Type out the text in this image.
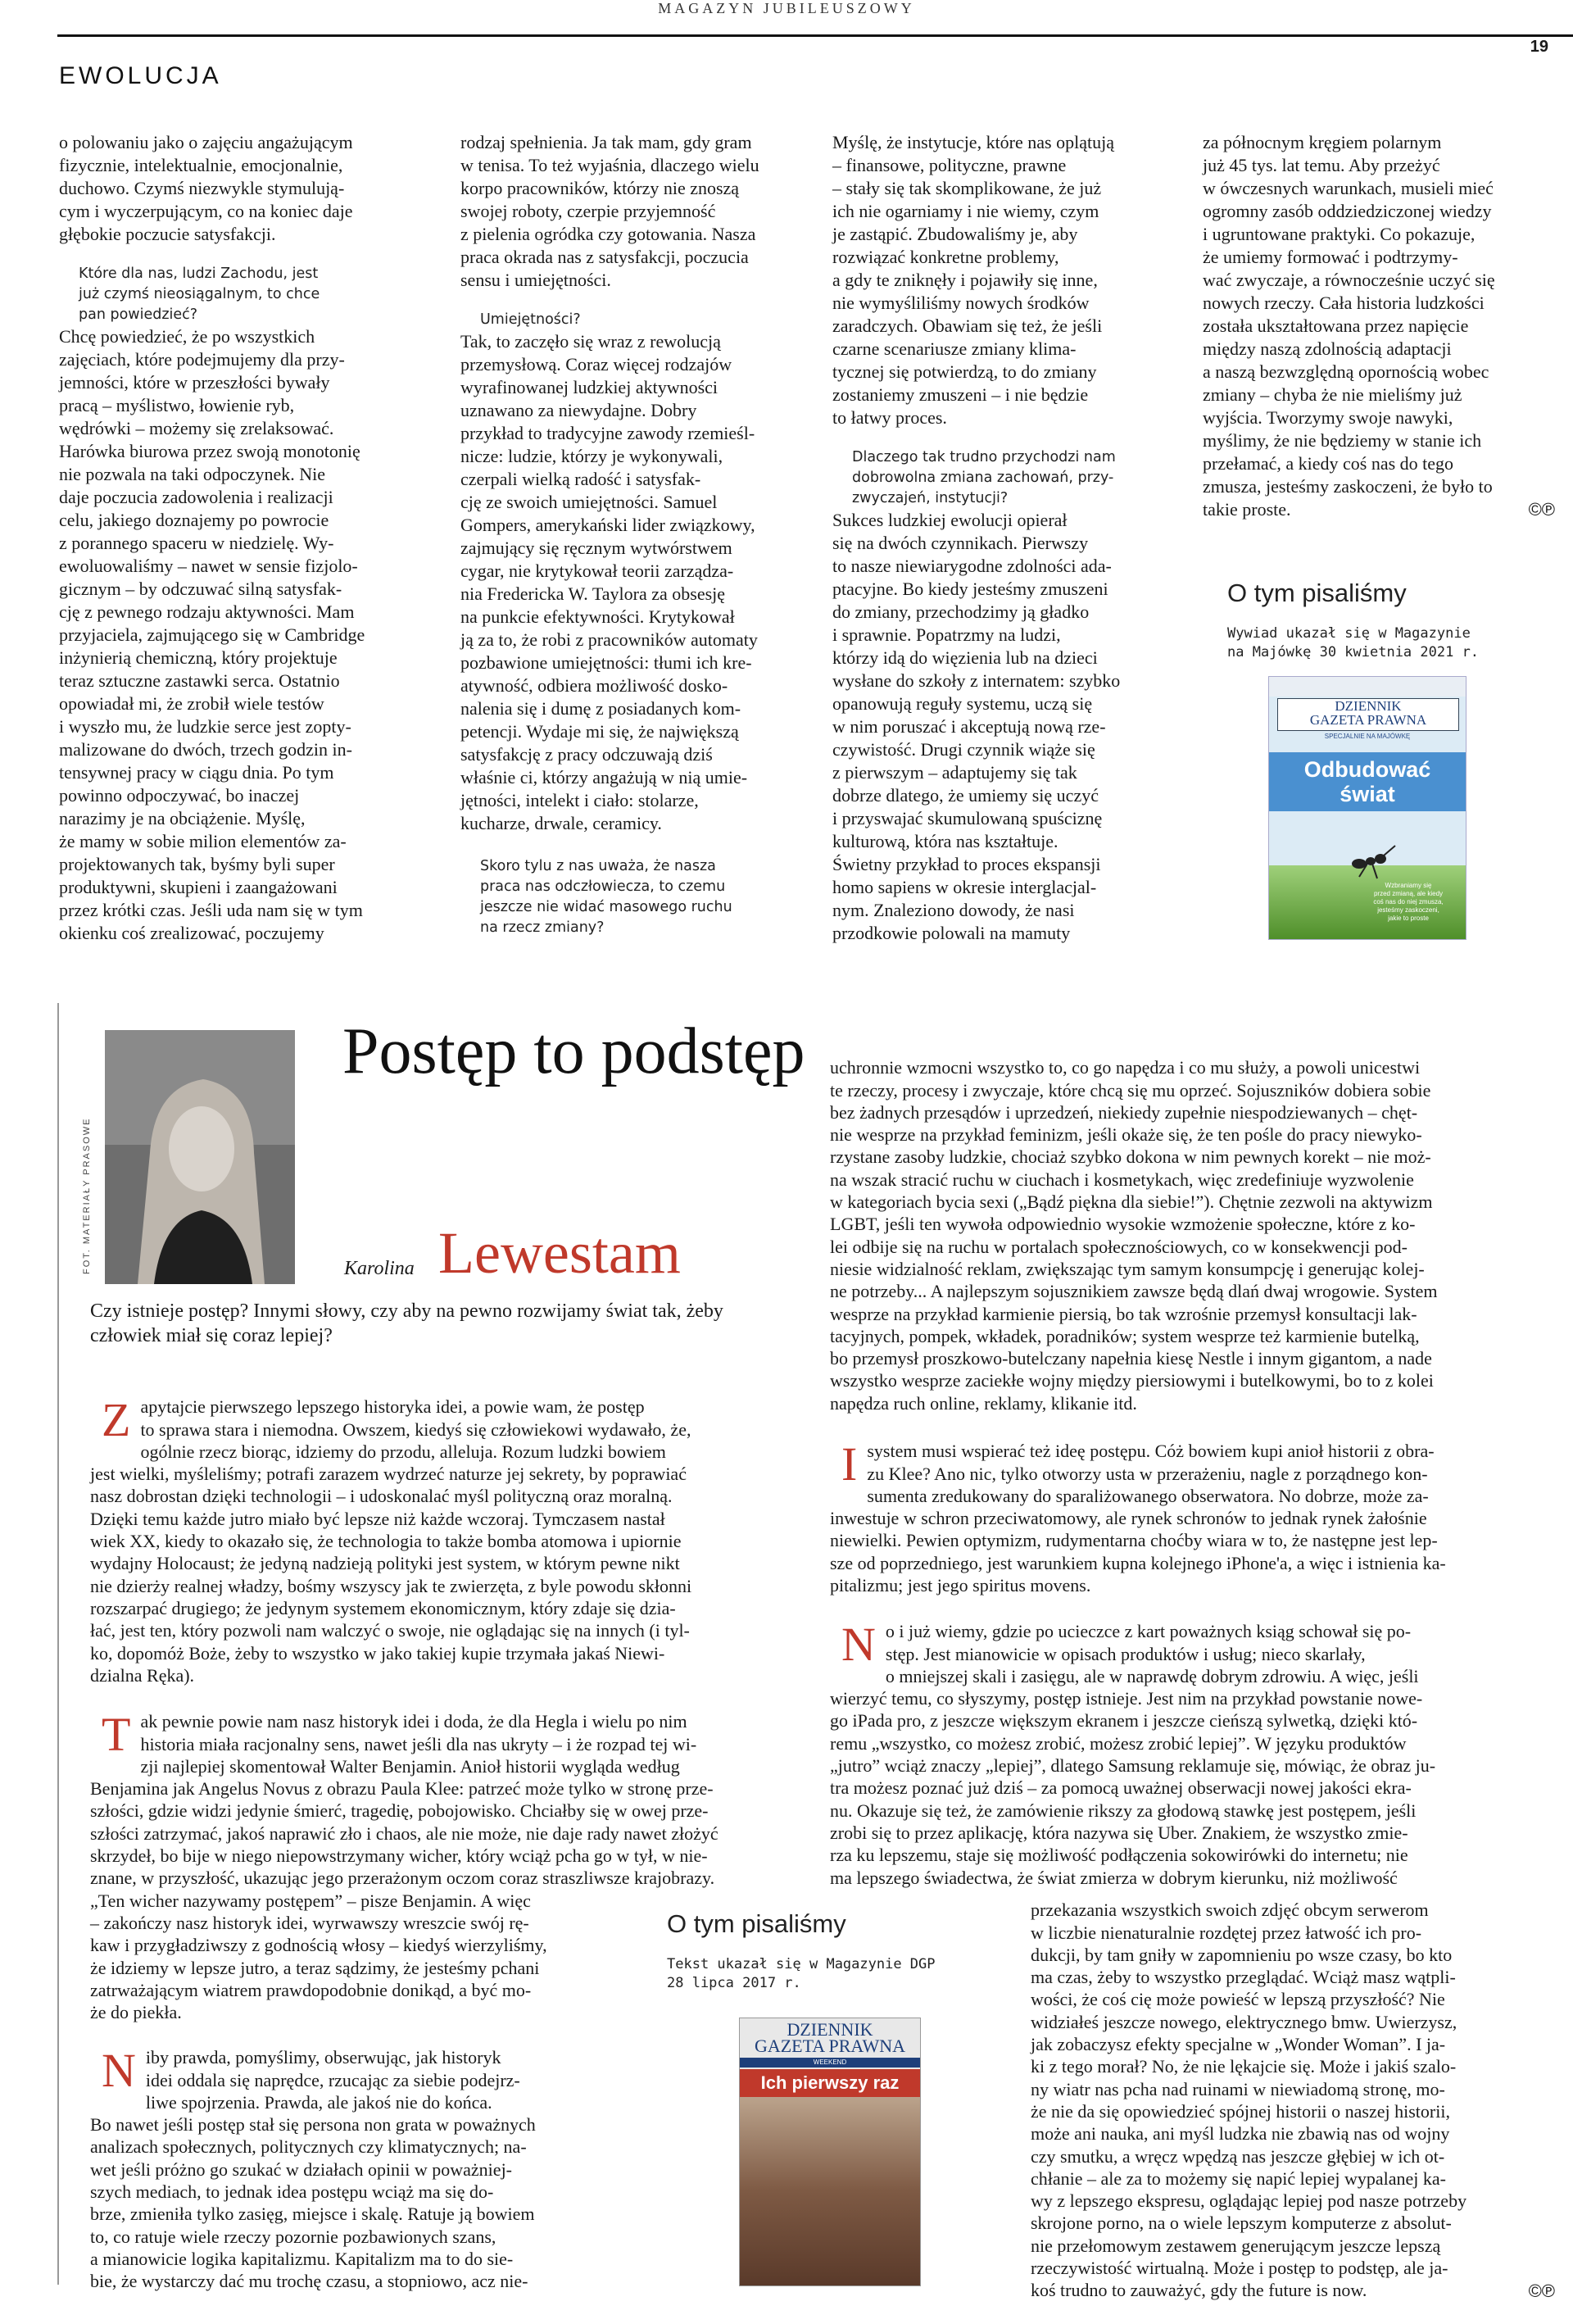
MAGAZYN JUBILEUSZOWY
19
EWOLUCJA

o polowaniu jako o zajęciu angażującym
fizycznie, intelektualnie, emocjonalnie,
duchowo. Czymś niezwykle stymulują-
cym i wyczerpującym, co na koniec daje
głębokie poczucie satysfakcji.

Które dla nas, ludzi Zachodu, jest
już czymś nieosiągalnym, to chce
pan powiedzieć?

Chcę powiedzieć, że po wszystkich
zajęciach, które podejmujemy dla przy-
jemności, które w przeszłości bywały
pracą – myślistwo, łowienie ryb,
wędrówki – możemy się zrelaksować.
Harówka biurowa przez swoją monotonię
nie pozwala na taki odpoczynek. Nie
daje poczucia zadowolenia i realizacji
celu, jakiego doznajemy po powrocie
z porannego spaceru w niedzielę. Wy-
ewoluowaliśmy – nawet w sensie fizjolo-
gicznym – by odczuwać silną satysfak-
cję z pewnego rodzaju aktywności. Mam
przyjaciela, zajmującego się w Cambridge
inżynierią chemiczną, który projektuje
teraz sztuczne zastawki serca. Ostatnio
opowiadał mi, że zrobił wiele testów
i wyszło mu, że ludzkie serce jest zopty-
malizowane do dwóch, trzech godzin in-
tensywnej pracy w ciągu dnia. Po tym
powinno odpoczywać, bo inaczej
narazimy je na obciążenie. Myślę,
że mamy w sobie milion elementów za-
projektowanych tak, byśmy byli super
produktywni, skupieni i zaangażowani
przez krótki czas. Jeśli uda nam się w tym
okienku coś zrealizować, poczujemy

rodzaj spełnienia. Ja tak mam, gdy gram
w tenisa. To też wyjaśnia, dlaczego wielu
korpo pracowników, którzy nie znoszą
swojej roboty, czerpie przyjemność
z pielenia ogródka czy gotowania. Nasza
praca okrada nas z satysfakcji, poczucia
sensu i umiejętności.

Umiejętności?

Tak, to zaczęło się wraz z rewolucją
przemysłową. Coraz więcej rodzajów
wyrafinowanej ludzkiej aktywności
uznawano za niewydajne. Dobry
przykład to tradycyjne zawody rzemieśl-
nicze: ludzie, którzy je wykonywali,
czerpali wielką radość i satysfak-
cję ze swoich umiejętności. Samuel
Gompers, amerykański lider związkowy,
zajmujący się ręcznym wytwórstwem
cygar, nie krytykował teorii zarządza-
nia Fredericka W. Taylora za obsesję
na punkcie efektywności. Krytykował
ją za to, że robi z pracowników automaty
pozbawione umiejętności: tłumi ich kre-
atywność, odbiera możliwość dosko-
nalenia się i dumę z posiadanych kom-
petencji. Wydaje mi się, że największą
satysfakcję z pracy odczuwają dziś
właśnie ci, którzy angażują w nią umie-
jętności, intelekt i ciało: stolarze,
kucharze, drwale, ceramicy.

Skoro tylu z nas uważa, że nasza
praca nas odczłowiecza, to czemu
jeszcze nie widać masowego ruchu
na rzecz zmiany?

Myślę, że instytucje, które nas oplątują
– finansowe, polityczne, prawne
– stały się tak skomplikowane, że już
ich nie ogarniamy i nie wiemy, czym
je zastąpić. Zbudowaliśmy je, aby
rozwiązać konkretne problemy,
a gdy te zniknęły i pojawiły się inne,
nie wymyśliliśmy nowych środków
zaradczych. Obawiam się też, że jeśli
czarne scenariusze zmiany klima-
tycznej się potwierdzą, to do zmiany
zostaniemy zmuszeni – i nie będzie
to łatwy proces.

Dlaczego tak trudno przychodzi nam
dobrowolna zmiana zachowań, przy-
zwyczajeń, instytucji?

Sukces ludzkiej ewolucji opierał
się na dwóch czynnikach. Pierwszy
to nasze niewiarygodne zdolności ada-
ptacyjne. Bo kiedy jesteśmy zmuszeni
do zmiany, przechodzimy ją gładko
i sprawnie. Popatrzmy na ludzi,
którzy idą do więzienia lub na dzieci
wysłane do szkoły z internatem: szybko
opanowują reguły systemu, uczą się
w nim poruszać i akceptują nową rze-
czywistość. Drugi czynnik wiąże się
z pierwszym – adaptujemy się tak
dobrze dlatego, że umiemy się uczyć
i przyswajać skumulowaną spuściznę
kulturową, która nas kształtuje.
Świetny przykład to proces ekspansji
homo sapiens w okresie interglacjal-
nym. Znaleziono dowody, że nasi
przodkowie polowali na mamuty

za północnym kręgiem polarnym
już 45 tys. lat temu. Aby przeżyć
w ówczesnych warunkach, musieli mieć
ogromny zasób oddziedziczonej wiedzy
i ugruntowane praktyki. Co pokazuje,
że umiemy formować i podtrzymy-
wać zwyczaje, a równocześnie uczyć się
nowych rzeczy. Cała historia ludzkości
została ukształtowana przez napięcie
między naszą zdolnością adaptacji
a naszą bezwzględną opornością wobec
zmiany – chyba że nie mieliśmy już
wyjścia. Tworzymy swoje nawyki,
myślimy, że nie będziemy w stanie ich
przełamać, a kiedy coś nas do tego
zmusza, jesteśmy zaskoczeni, że było to
takie proste.	©℗
O tym pisaliśmy
Wywiad ukazał się w Magazynie
na Majówkę 30 kwietnia 2021 r.
DZIENNIK
GAZETA PRAWNA
SPECJALNIE NA MAJÓWKĘ
Odbudować
świat
Wzbraniamy się
przed zmianą, ale kiedy
coś nas do niej zmusza,
jesteśmy zaskoczeni,
jakie to proste
FOT. MATERIAŁY PRASOWE
Postęp to podstęp
Karolina Lewestam
Czy istnieje postęp? Innymi słowy, czy aby na pewno rozwijamy świat tak, żeby
człowiek miał się coraz lepiej?

Zapytajcie pierwszego lepszego historyka idei, a powie wam, że postęp
to sprawa stara i niemodna. Owszem, kiedyś się człowiekowi wydawało, że,
ogólnie rzecz biorąc, idziemy do przodu, alleluja. Rozum ludzki bowiem
jest wielki, myśleliśmy; potrafi zarazem wydrzeć naturze jej sekrety, by poprawiać
nasz dobrostan dzięki technologii – i udoskonalać myśl polityczną oraz moralną.
Dzięki temu każde jutro miało być lepsze niż każde wczoraj. Tymczasem nastał
wiek XX, kiedy to okazało się, że technologia to także bomba atomowa i upiornie
wydajny Holocaust; że jedyną nadzieją polityki jest system, w którym pewne nikt
nie dzierży realnej władzy, bośmy wszyscy jak te zwierzęta, z byle powodu skłonni
rozszarpać drugiego; że jedynym systemem ekonomicznym, który zdaje się dzia-
łać, jest ten, który pozwoli nam walczyć o swoje, nie oglądając się na innych (i tyl-
ko, dopomóż Boże, żeby to wszystko w jako takiej kupie trzymała jakaś Niewi-
dzialna Ręka).

Tak pewnie powie nam nasz historyk idei i doda, że dla Hegla i wielu po nim
historia miała racjonalny sens, nawet jeśli dla nas ukryty – i że rozpad tej wi-
zji najlepiej skomentował Walter Benjamin. Anioł historii wygląda według
Benjamina jak Angelus Novus z obrazu Paula Klee: patrzeć może tylko w stronę prze-
szłości, gdzie widzi jedynie śmierć, tragedię, pobojowisko. Chciałby się w owej prze-
szłości zatrzymać, jakoś naprawić zło i chaos, ale nie może, nie daje rady nawet złożyć
skrzydeł, bo bije w niego niepowstrzymany wicher, który wciąż pcha go w tył, w nie-
znane, w przyszłość, ukazując jego przerażonym oczom coraz straszliwsze krajobrazy.
„Ten wicher nazywamy postępem” – pisze Benjamin. A więc
– zakończy nasz historyk idei, wyrwawszy wreszcie swój rę-
kaw i przygładziwszy z godnością włosy – kiedyś wierzyliśmy,
że idziemy w lepsze jutro, a teraz sądzimy, że jesteśmy pchani
zatrważającym wiatrem prawdopodobnie donikąd, a być mo-
że do piekła.

Niby prawda, pomyślimy, obserwując, jak historyk
idei oddala się naprędce, rzucając za siebie podejrz-
liwe spojrzenia. Prawda, ale jakoś nie do końca.
Bo nawet jeśli postęp stał się persona non grata w poważnych
analizach społecznych, politycznych czy klimatycznych; na-
wet jeśli próżno go szukać w działach opinii w poważniej-
szych mediach, to jednak idea postępu wciąż ma się do-
brze, zmieniła tylko zasięg, miejsce i skalę. Ratuje ją bowiem
to, co ratuje wiele rzeczy pozornie pozbawionych szans,
a mianowicie logika kapitalizmu. Kapitalizm ma to do sie-
bie, że wystarczy dać mu trochę czasu, a stopniowo, acz nie-

uchronnie wzmocni wszystko to, co go napędza i co mu służy, a powoli unicestwi
te rzeczy, procesy i zwyczaje, które chcą się mu oprzeć. Sojuszników dobiera sobie
bez żadnych przesądów i uprzedzeń, niekiedy zupełnie niespodziewanych – chęt-
nie wesprze na przykład feminizm, jeśli okaże się, że ten pośle do pracy niewyko-
rzystane zasoby ludzkie, chociaż szybko dokona w nim pewnych korekt – nie moż-
na wszak stracić ruchu w ciuchach i kosmetykach, więc zredefiniuje wyzwolenie
w kategoriach bycia sexi („Bądź piękna dla siebie!”). Chętnie zezwoli na aktywizm
LGBT, jeśli ten wywoła odpowiednio wysokie wzmożenie społeczne, które z ko-
lei odbije się na ruchu w portalach społecznościowych, co w konsekwencji pod-
niesie widzialność reklam, zwiększając tym samym konsumpcję i generując kolej-
ne potrzeby... A najlepszym sojusznikiem zawsze będą dlań dwaj wrogowie. System
wesprze na przykład karmienie piersią, bo tak wzrośnie przemysł konsultacji lak-
tacyjnych, pompek, wkładek, poradników; system wesprze też karmienie butelką,
bo przemysł proszkowo-butelczany napełnia kiesę Nestle i innym gigantom, a nade
wszystko wesprze zaciekłe wojny między piersiowymi i butelkowymi, bo to z kolei
napędza ruch online, reklamy, klikanie itd.

Isystem musi wspierać też ideę postępu. Cóż bowiem kupi anioł historii z obra-
zu Klee? Ano nic, tylko otworzy usta w przerażeniu, nagle z porządnego kon-
sumenta zredukowany do sparaliżowanego obserwatora. No dobrze, może za-
inwestuje w schron przeciwatomowy, ale rynek schronów to jednak rynek żałośnie
niewielki. Pewien optymizm, rudymentarna choćby wiara w to, że następne jest lep-
sze od poprzedniego, jest warunkiem kupna kolejnego iPhone'a, a więc i istnienia ka-
pitalizmu; jest jego spiritus movens.

No i już wiemy, gdzie po ucieczce z kart poważnych ksiąg schował się po-
stęp. Jest mianowicie w opisach produktów i usług; nieco skarlały,
o mniejszej skali i zasięgu, ale w naprawdę dobrym zdrowiu. A więc, jeśli
wierzyć temu, co słyszymy, postęp istnieje. Jest nim na przykład powstanie nowe-
go iPada pro, z jeszcze większym ekranem i jeszcze cieńszą sylwetką, dzięki któ-
remu „wszystko, co możesz zrobić, możesz zrobić lepiej”. W języku produktów
„jutro” wciąż znaczy „lepiej”, dlatego Samsung reklamuje się, mówiąc, że obraz ju-
tra możesz poznać już dziś – za pomocą uważnej obserwacji nowej jakości ekra-
nu. Okazuje się też, że zamówienie rikszy za głodową stawkę jest postępem, jeśli
zrobi się to przez aplikację, która nazywa się Uber. Znakiem, że wszystko zmie-
rza ku lepszemu, staje się możliwość podłączenia sokowirówki do internetu; nie
ma lepszego świadectwa, że świat zmierza w dobrym kierunku, niż możliwość

przekazania wszystkich swoich zdjęć obcym serwerom
w liczbie nienaturalnie rozdętej przez łatwość ich pro-
dukcji, by tam gniły w zapomnieniu po wsze czasy, bo kto
ma czas, żeby to wszystko przeglądać. Wciąż masz wątpli-
wości, że coś cię może powieść w lepszą przyszłość? Nie
widziałeś jeszcze nowego, elektrycznego bmw. Uwierzysz,
jak zobaczysz efekty specjalne w „Wonder Woman”. I ja-
ki z tego morał? No, że nie lękajcie się. Może i jakiś szalo-
ny wiatr nas pcha nad ruinami w niewiadomą stronę, mo-
że nie da się opowiedzieć spójnej historii o naszej historii,
może ani nauka, ani myśl ludzka nie zbawią nas od wojny
czy smutku, a wręcz wpędzą nas jeszcze głębiej w ich ot-
chłanie – ale za to możemy się napić lepiej wypalanej ka-
wy z lepszego ekspresu, oglądając lepiej pod nasze potrzeby
skrojone porno, na o wiele lepszym komputerze z absolut-
nie przełomowym zestawem generującym jeszcze lepszą
rzeczywistość wirtualną. Może i postęp to podstęp, ale ja-
koś trudno to zauważyć, gdy the future is now.	©℗

O tym pisaliśmy
Tekst ukazał się w Magazynie DGP
28 lipca 2017 r.
DZIENNIK
GAZETA PRAWNA
WEEKEND
Ich pierwszy raz
